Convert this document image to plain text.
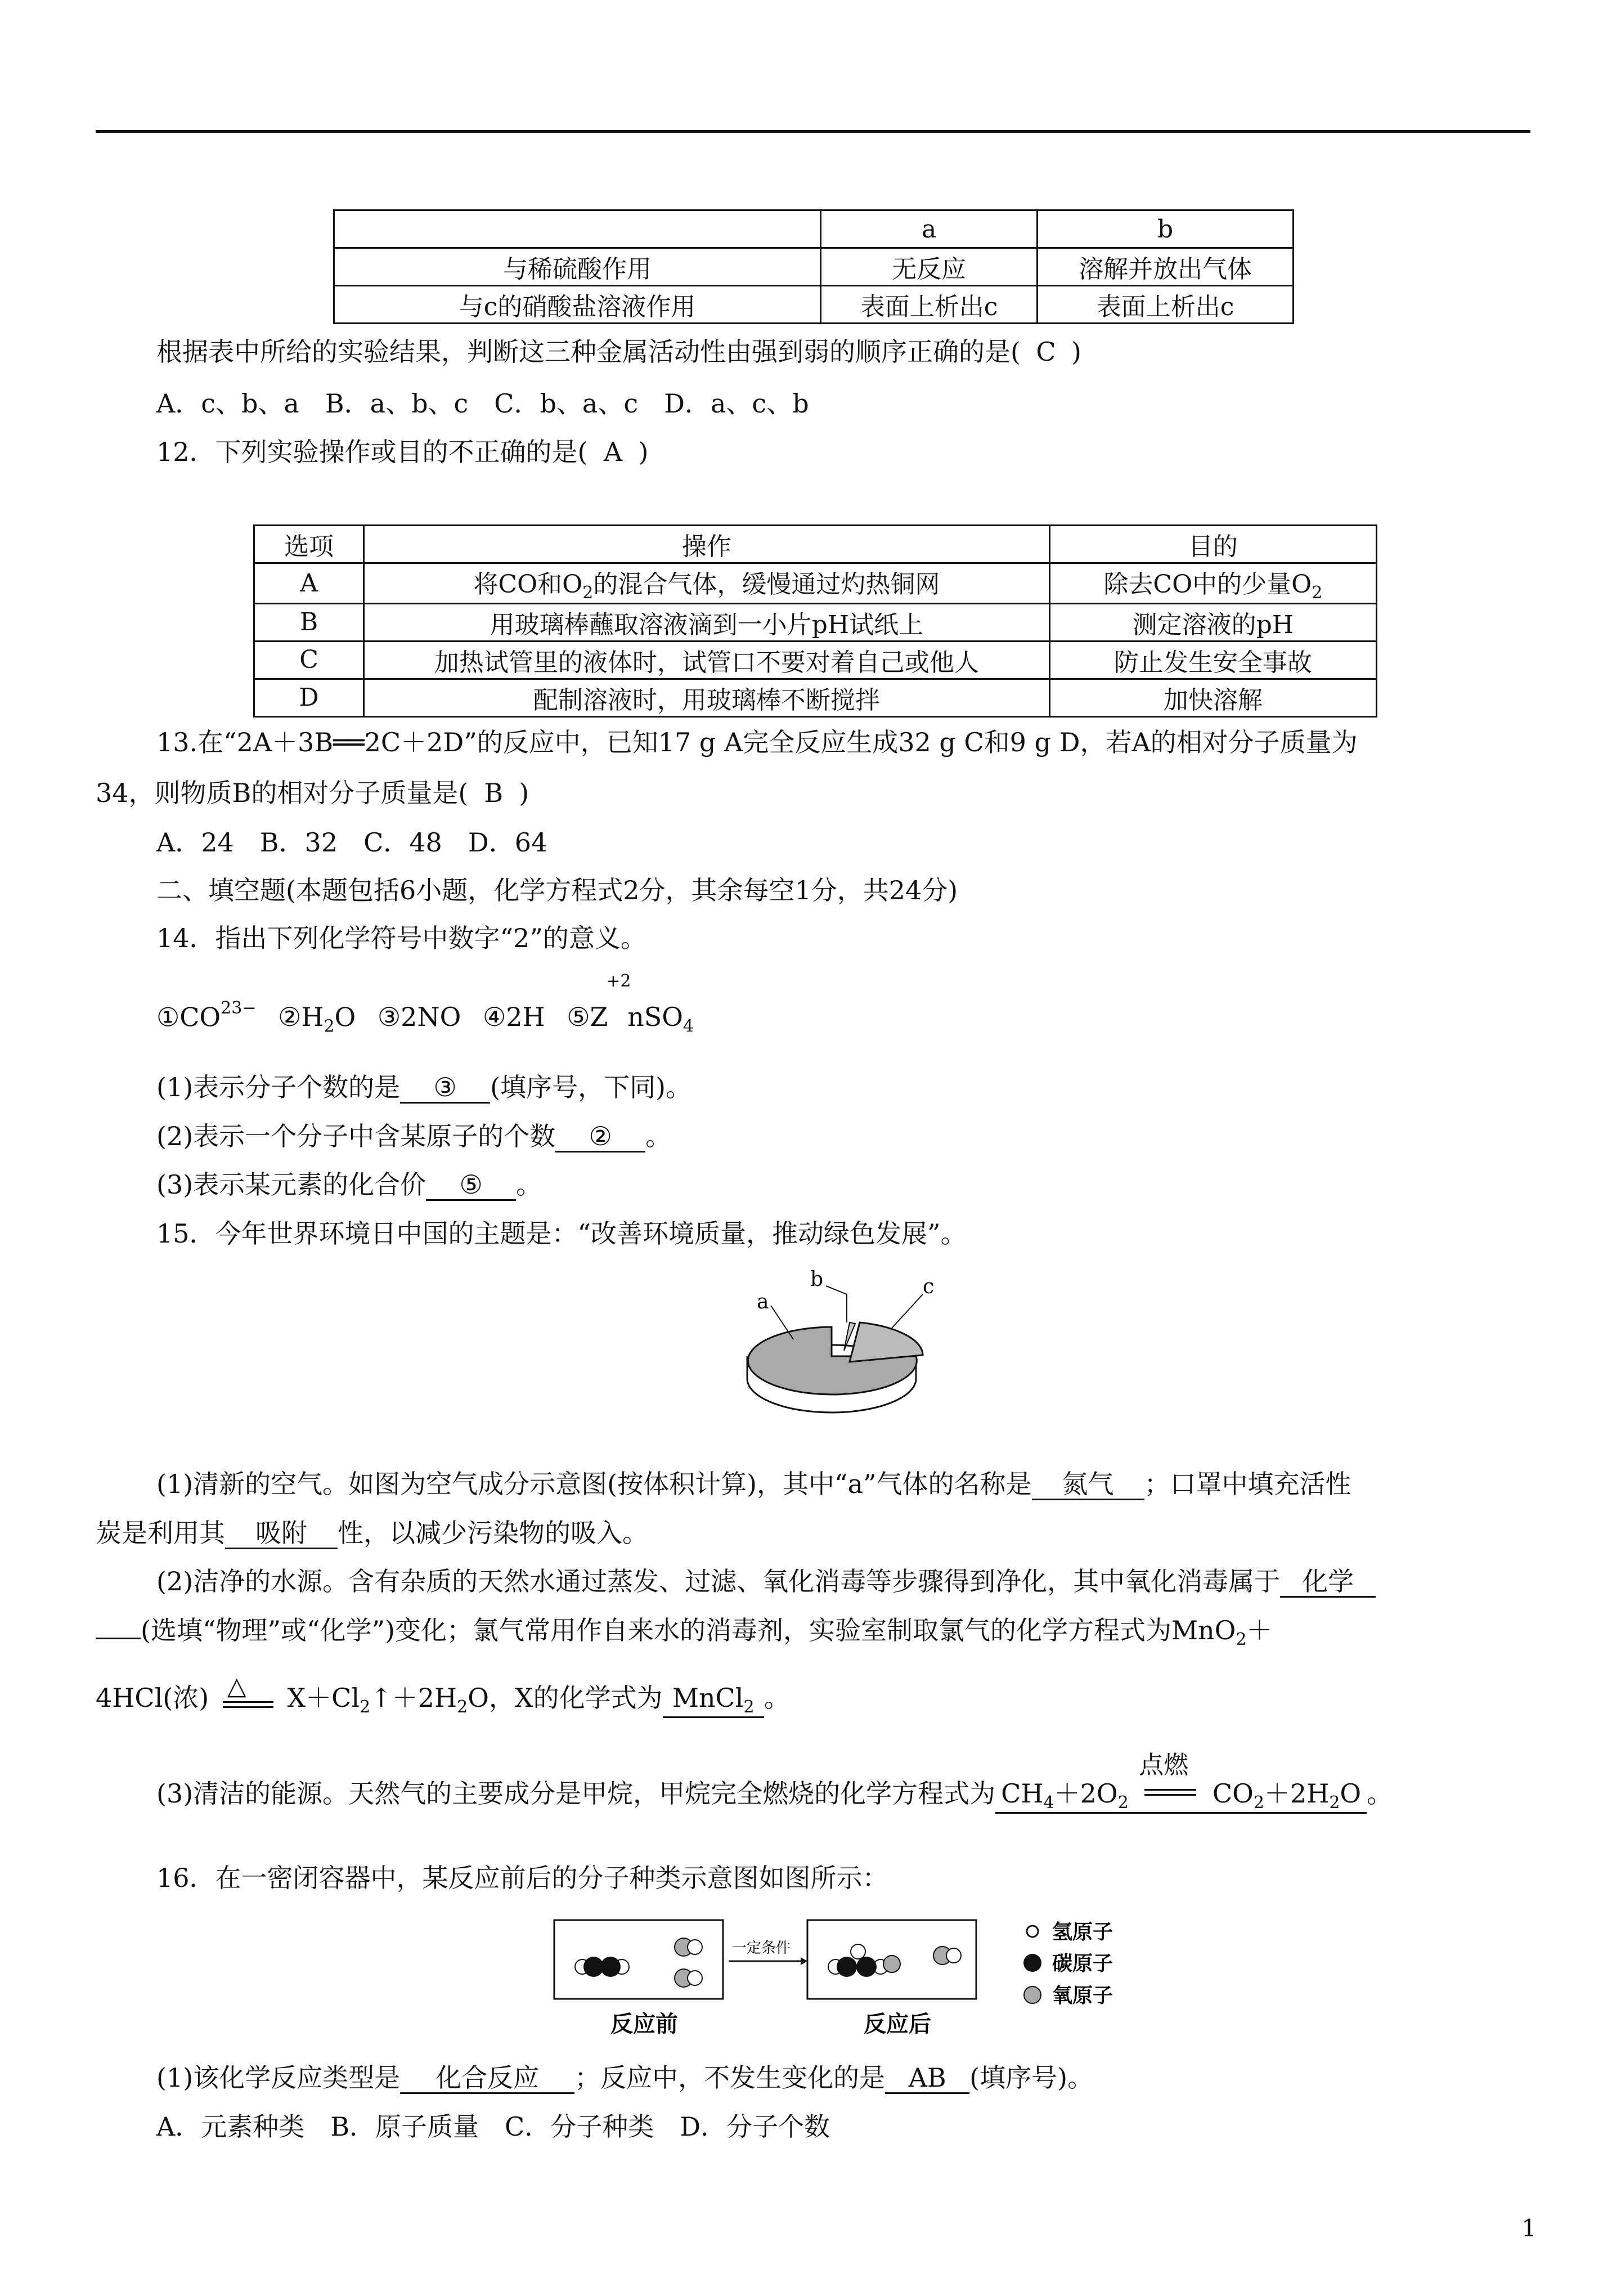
	a	b
与稀硫酸作用	无反应	溶解并放出气体
与c的硝酸盐溶液作用	表面上析出c	表面上析出c
根据表中所给的实验结果，判断这三种金属活动性由强到弱的顺序正确的是( C )
A．c、b、a　B．a、b、c　C．b、a、c　D．a、c、b
12．下列实验操作或目的不正确的是( A )
选项	操作	目的
A	将CO和$O_2$的混合气体，缓慢通过灼热铜网	除去CO中的少量$O_2$
B	用玻璃棒蘸取溶液滴到一小片pH试纸上	测定溶液的pH
C	加热试管里的液体时，试管口不要对着自己或他人	防止发生安全事故
D	配制溶液时，用玻璃棒不断搅拌	加快溶解
13.在“2A＋3B══2C＋2D”的反应中，已知17 g A完全反应生成32 g C和9 g D，若A的相对分子质量为
34，则物质B的相对分子质量是( B )
A．24　B．32　C．48　D．64
二、填空题(本题包括6小题，化学方程式2分，其余每空1分，共24分)
14．指出下列化学符号中数字“2”的意义。
$①CO^{23-}$ $②H_2O$ ③2NO ④2H ⑤Z
+2
nSO$_4$
(1)表示分子个数的是 ③ (填序号，下同)。
(2)表示一个分子中含某原子的个数 ② 。
(3)表示某元素的化合价 ⑤ 。
15．今年世界环境日中国的主题是：“改善环境质量，推动绿色发展”。
a
b	c
(1)清新的空气。如图为空气成分示意图(按体积计算)，其中“a”气体的名称是 氮气 ；口罩中填充活性
炭是利用其 吸附 性，以减少污染物的吸入。
(2)洁净的水源。含有杂质的天然水通过蒸发、过滤、氧化消毒等步骤得到净化，其中氧化消毒属于 化学
(选填“物理”或“化学”)变化；氯气常用作自来水的消毒剂，实验室制取氯气的化学方程式为MnO$_2$＋
4HCl(浓) △ $X+Cl_2↑+2H_2O$，X的化学式为 MnCl$_2$ 。
(3)清洁的能源。天然气的主要成分是甲烷，甲烷完全燃烧的化学方程式为 $CH_4+2O_2$
点燃
$CO_2+2H_2O$ 。
16．在一密闭容器中，某反应前后的分子种类示意图如图所示：
一定条件
反应前	反应后
氢原子
碳原子
氧原子
(1)该化学反应类型是 化合反应 ；反应中，不发生变化的是 AB (填序号)。
A．元素种类　B．原子质量　C．分子种类　D．分子个数
1
